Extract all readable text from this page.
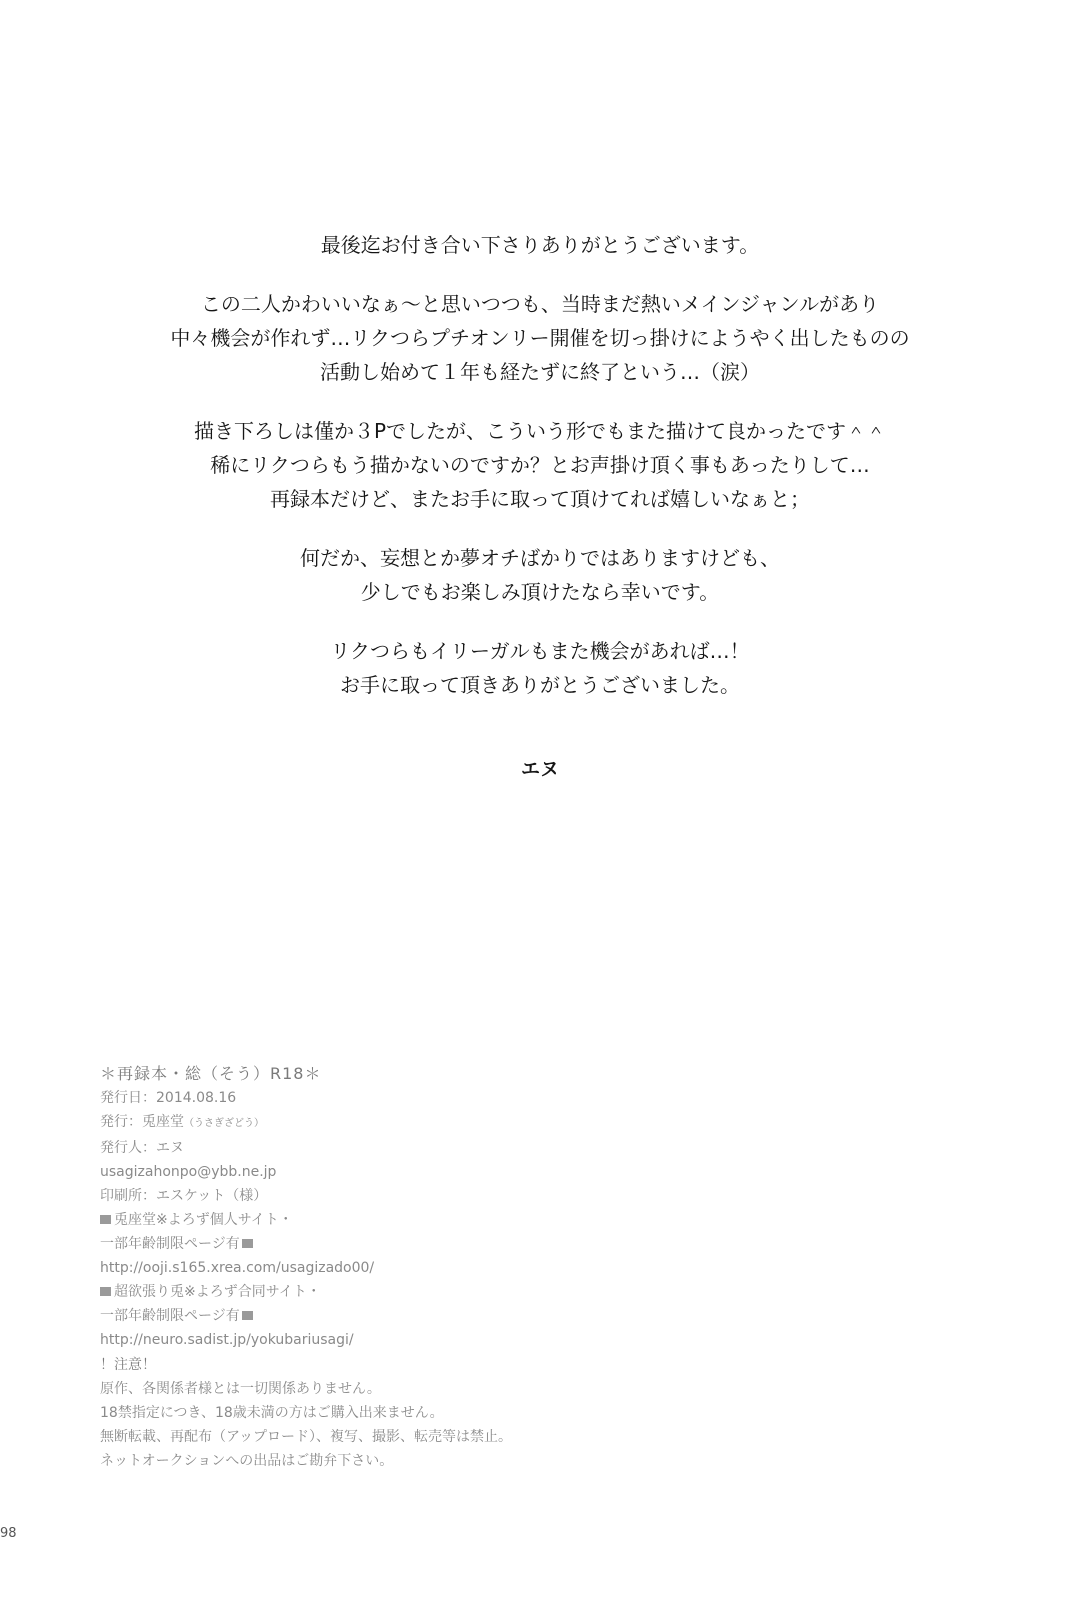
最後迄お付き合い下さりありがとうございます。
この二人かわいいなぁ〜と思いつつも、当時まだ熱いメインジャンルがあり
中々機会が作れず…リクつらプチオンリー開催を切っ掛けにようやく出したものの
活動し始めて１年も経たずに終了という…（涙）
描き下ろしは僅か３Pでしたが、こういう形でもまた描けて良かったです＾＾
稀にリクつらもう描かないのですか？とお声掛け頂く事もあったりして…
再録本だけど、またお手に取って頂けてれば嬉しいなぁと；
何だか、妄想とか夢オチばかりではありますけども、
少しでもお楽しみ頂けたなら幸いです。
リクつらもイリーガルもまた機会があれば…！
お手に取って頂きありがとうございました。
エヌ
＊再録本・総（そう）R18＊
発行日：2014.08.16
発行：兎座堂（うさぎざどう）
発行人：エヌ
usagizahonpo@ybb.ne.jp
印刷所：エスケット（様）
兎座堂※よろず個人サイト・
一部年齢制限ページ有
http://ooji.s165.xrea.com/usagizado00/
超欲張り兎※よろず合同サイト・
一部年齢制限ページ有
http://neuro.sadist.jp/yokubariusagi/
！注意！
原作、各関係者様とは一切関係ありません。
18禁指定につき、18歳未満の方はご購入出来ません。
無断転載、再配布（アップロード）、複写、撮影、転売等は禁止。
ネットオークションへの出品はご勘弁下さい。
98
